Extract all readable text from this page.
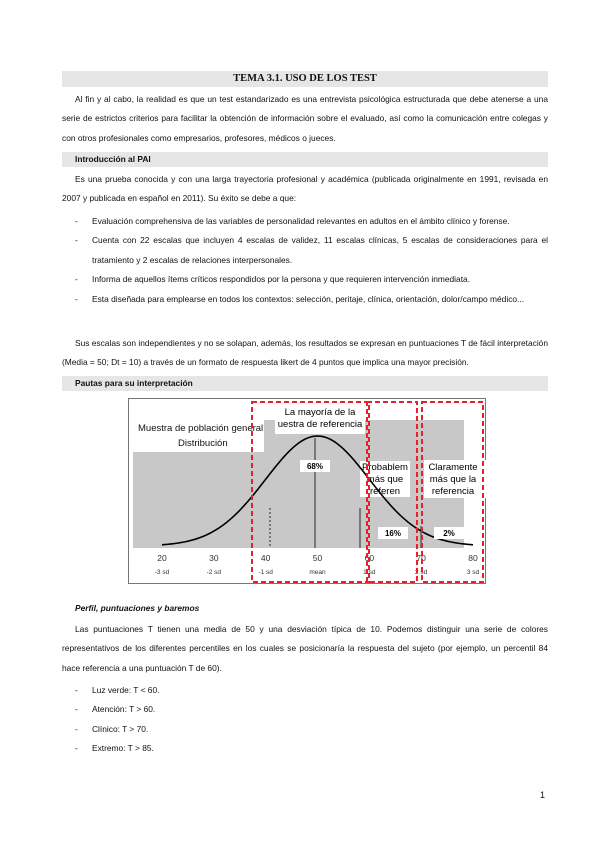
TEMA 3.1. USO DE LOS TEST

Al fin y al cabo, la realidad es que un test estandarizado es una entrevista psicológica estructurada que debe atenerse a una serie de estrictos criterios para facilitar la obtención de información sobre el evaluado, así como la comunicación entre colegas y con otros profesionales como empresarios, profesores, médicos o jueces.

Introducción al PAI

Es una prueba conocida y con una larga trayectoria profesional y académica (publicada originalmente en 1991, revisada en 2007 y publicada en español en 2011). Su éxito se debe a que:

- Evaluación comprehensiva de las variables de personalidad relevantes en adultos en el ámbito clínico y forense.
- Cuenta con 22 escalas que incluyen 4 escalas de validez, 11 escalas clínicas, 5 escalas de consideraciones para el tratamiento y 2 escalas de relaciones interpersonales.
- Informa de aquellos ítems críticos respondidos por la persona y que requieren intervención inmediata.
- Esta diseñada para emplearse en todos los contextos: selección, peritaje, clínica, orientación, dolor/campo médico...

Sus escalas son independientes y no se solapan, además, los resultados se expresan en puntuaciones T de fácil interpretación (Media = 50; Dt = 10) a través de un formato de respuesta likert de 4 puntos que implica una mayor precisión.

Pautas para su interpretación
Muestra de población general
Distribución
La mayoría de la
uestra de referencia
Probablem
más que
referen
Claramente
más que la
referencia
68%
16%	2%
20
-3 sd
30
-2 sd
40
-1 sd
50
mean
60
1 sd
70
2 sd
80
3 sd
Perfil, puntuaciones y baremos

Las puntuaciones T tienen una media de 50 y una desviación típica de 10. Podemos distinguir una serie de colores representativos de los diferentes percentiles en los cuales se posicionaría la respuesta del sujeto (por ejemplo, un percentil 84 hace referencia a una puntuación T de 60).

- Luz verde: T < 60.
- Atención: T > 60.
- Clínico: T > 70.
- Extremo: T > 85.
1
